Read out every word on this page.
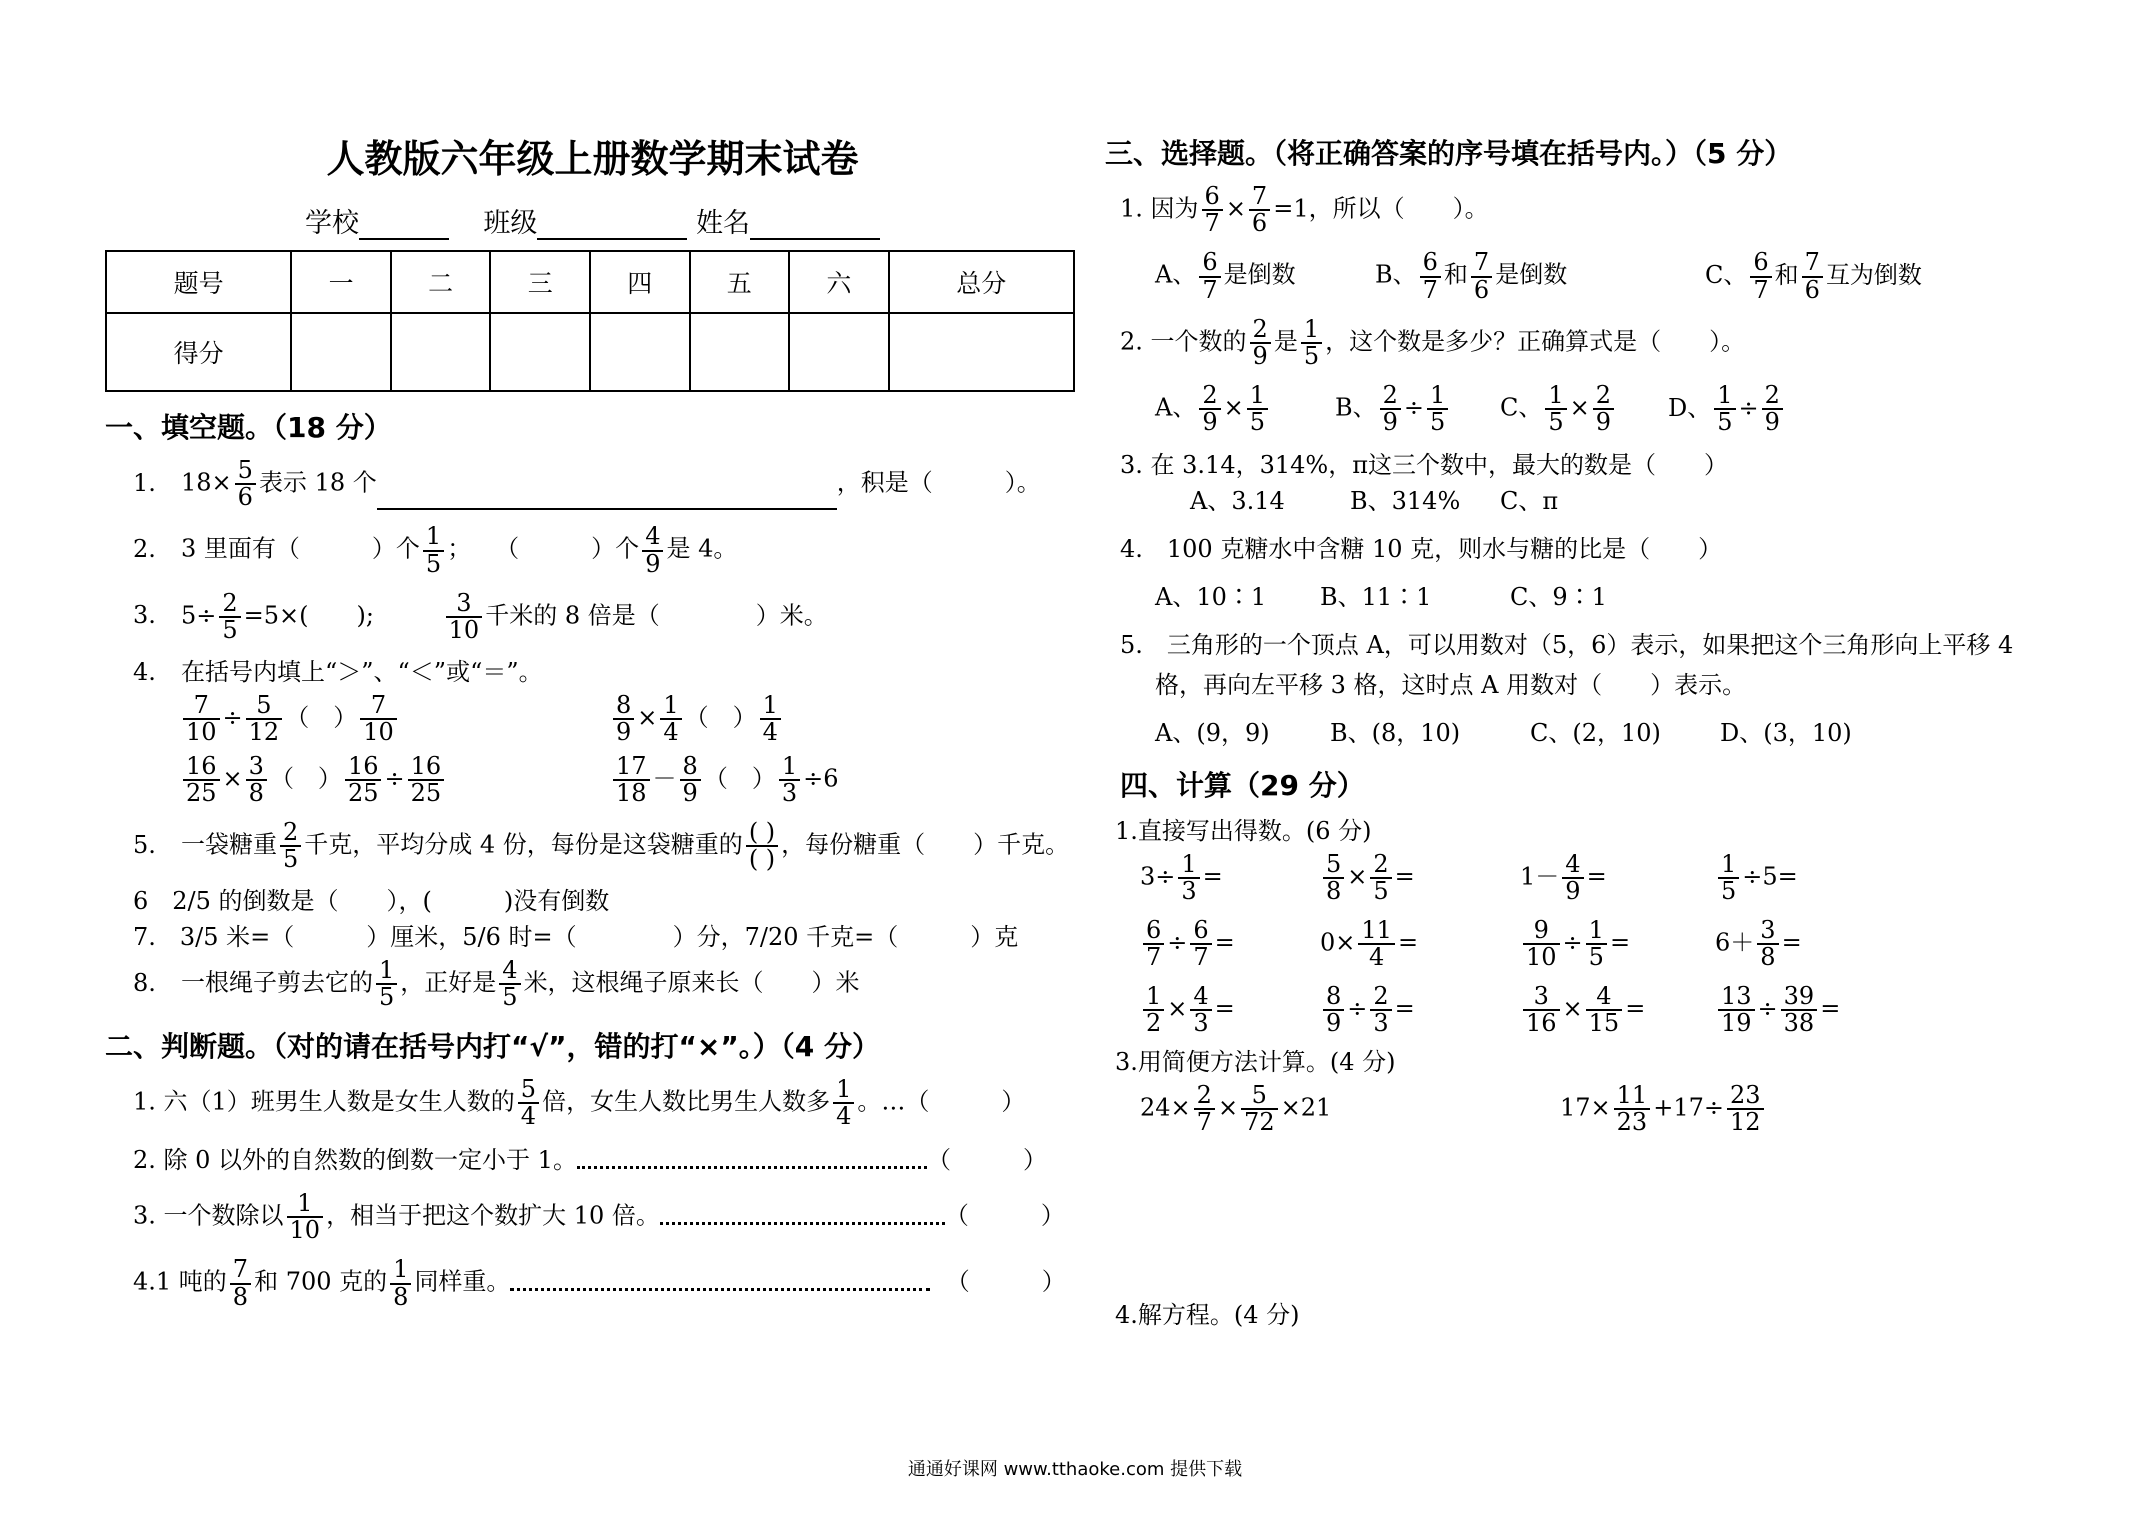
人教版六年级上册数学期末试卷
学校	班级	姓名
题号	一	二	三	四	五	六	总分
得分							
一、填空题。（18 分）
1. $18\times \frac{5}{6}$ 表示 18 个	，积是（　　　）。
2. 3 里面有（　　　）个 $\frac{1}{5}$ ；　　（　　　）个 $\frac{4}{9}$ 是 4。
3. $5\div \frac{2}{5} =5\times$(　　);	$\frac{3}{10}$ 千米的 8 倍是（　　　　）米。
4. 在括号内填上“＞”、“＜”或“＝”。
$\frac{7}{10} \div \frac{5}{12}$ （　） $\frac{7}{10}$	$\frac{8}{9} \times \frac{1}{4}$ （　） $\frac{1}{4}$
$\frac{16}{25} \times \frac{3}{8}$ （　） $\frac{16}{25} \div \frac{16}{25}$	$\frac{17}{18} - \frac{8}{9}$ （　） $\frac{1}{3} \div 6$
5. 一袋糖重 $\frac{2}{5}$ 千克，平均分成 4 份，每份是这袋糖重的 $\frac{( )}{( )}$ ，每份糖重（　　）千克。
6　2/5 的倒数是（　　），(　　　)没有倒数
7.　3/5 米=（　　　）厘米，5/6 时=（　　　　）分，7/20 千克=（　　　）克
8. 一根绳子剪去它的 $\frac{1}{5}$ ，正好是 $\frac{4}{5}$ 米，这根绳子原来长（　　）米
二、判断题。（对的请在括号内打“√”，错的打“×”。）（4 分）
1. 六（1）班男生人数是女生人数的 $\frac{5}{4}$ 倍，女生人数比男生人数多 $\frac{1}{4}$ 。…（　　　）
2. 除 0 以外的自然数的倒数一定小于 1。	（　　　）
3. 一个数除以 $\frac{1}{10}$ ，相当于把这个数扩大 10 倍。	（　　　）
4.1 吨的 $\frac{7}{8}$ 和 700 克的 $\frac{1}{8}$ 同样重。	（　　　）
三、选择题。（将正确答案的序号填在括号内。）（5 分）
1. 因为 $\frac{6}{7} \times \frac{7}{6} =1$，所以（　　）。
A、 $\frac{6}{7}$ 是倒数	B、 $\frac{6}{7}$ 和 $\frac{7}{6}$ 是倒数	C、 $\frac{6}{7}$ 和 $\frac{7}{6}$ 互为倒数
2. 一个数的 $\frac{2}{9}$ 是 $\frac{1}{5}$ ，这个数是多少？正确算式是（　　）。
A、 $\frac{2}{9} \times \frac{1}{5}$	B、 $\frac{2}{9} \div \frac{1}{5}$ C、 $\frac{1}{5} \times \frac{2}{9}$ D、 $\frac{1}{5} \div \frac{2}{9}$
3. 在 3.14，314%，π这三个数中，最大的数是（　　）
A、3.14	B、314% C、π
4.　100 克糖水中含糖 10 克，则水与糖的比是（　　）
A、10∶1 B、11∶1	C、9∶1
5.　三角形的一个顶点 A，可以用数对（5，6）表示，如果把这个三角形向上平移 4
格，再向左平移 3 格，这时点 A 用数对（　　）表示。
A、(9，9)	B、(8，10)	C、(2，10) D、(3，10)
四、计算（29 分）
1.直接写出得数。(6 分)
$3\div \frac{1}{3}$ =	$\frac{5}{8} \times \frac{2}{5}$ =	$1- \frac{4}{9}$ =	$\frac{1}{5} \div 5=$
$\frac{6}{7} \div \frac{6}{7}$ =	$0\times \frac{11}{4}$ =	$\frac{9}{10} \div \frac{1}{5}$ =	$6+ \frac{3}{8}$ =
$\frac{1}{2} \times \frac{4}{3}$ =	$\frac{8}{9} \div \frac{2}{3}$ =	$\frac{3}{16} \times \frac{4}{15}$ =	$\frac{13}{19} \div \frac{39}{38}$ =
3.用简便方法计算。(4 分)
$24\times \frac{2}{7} \times \frac{5}{72} \times 21$	$17\times \frac{11}{23} +17\div \frac{23}{12}$
4.解方程。(4 分)
通通好课网 www.tthaoke.com 提供下载
